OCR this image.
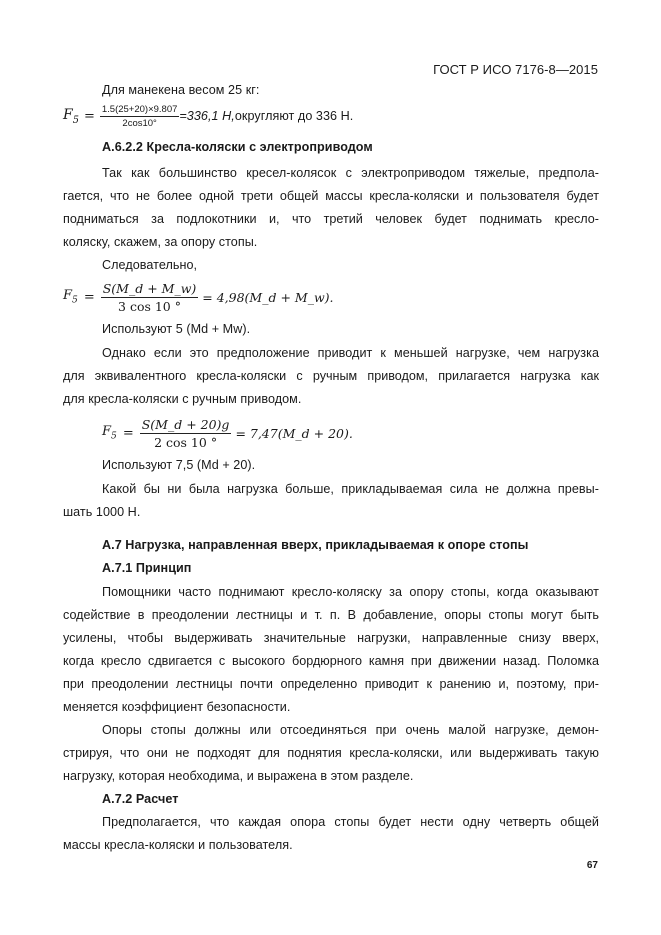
ГОСТ Р ИСО 7176-8—2015
Для манекена весом 25 кг:
$F_5 = \frac{1.5(25+20)\times 9.807}{2\cos 10^\circ} =336,1$ Н, округляют до 336 Н.
А.6.2.2 Кресла-коляски с электроприводом
Так как большинство кресел-колясок с электроприводом тяжелые, предпола-
гается, что не более одной трети общей массы кресла-коляски и пользователя будет
подниматься за подлокотники и, что третий человек будет поднимать кресло-
коляску, скажем, за опору стопы.
Следовательно,
$F_5 = \frac{S(M\_d + M\_w)}{3 \cos 10 ^\circ}$ = 4,98(M_d + M_w).
Используют 5 (Md + Mw).
Однако если это предположение приводит к меньшей нагрузке, чем нагрузка
для эквивалентного кресла-коляски с ручным приводом, прилагается нагрузка как
для кресла-коляски с ручным приводом.
$F_5 = \frac{S(M\_d + 20)g}{2 \cos 10 ^\circ}$ = 7,47(M_d + 20).
Используют 7,5 (Md + 20).
Какой бы ни была нагрузка больше, прикладываемая сила не должна превы-
шать 1000 Н.
А.7 Нагрузка, направленная вверх, прикладываемая к опоре стопы
А.7.1 Принцип
Помощники часто поднимают кресло-коляску за опору стопы, когда оказывают
содействие в преодолении лестницы и т. п. В добавление, опоры стопы могут быть
усилены, чтобы выдерживать значительные нагрузки, направленные снизу вверх,
когда кресло сдвигается с высокого бордюрного камня при движении назад. Поломка
при преодолении лестницы почти определенно приводит к ранению и, поэтому, при-
меняется коэффициент безопасности.
Опоры стопы должны или отсоединяться при очень малой нагрузке, демон-
стрируя, что они не подходят для поднятия кресла-коляски, или выдерживать такую
нагрузку, которая необходима, и выражена в этом разделе.
А.7.2 Расчет
Предполагается, что каждая опора стопы будет нести одну четверть общей
массы кресла-коляски и пользователя.
67
